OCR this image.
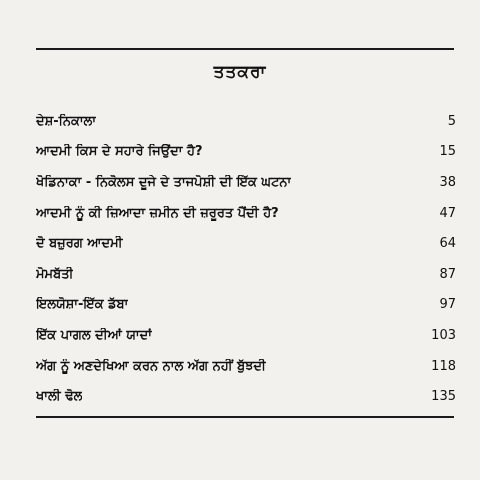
ਤਤਕਰਾ
ਦੇਸ਼-ਨਿਕਾਲਾ	5
ਆਦਮੀ ਕਿਸ ਦੇ ਸਹਾਰੇ ਜਿਉਂਦਾ ਹੈ?	15
ਖੋਡਿਨਾਕਾ - ਨਿਕੋਲਸ ਦੂਜੇ ਦੇ ਤਾਜਪੋਸ਼ੀ ਦੀ ਇੱਕ ਘਟਨਾ	38
ਆਦਮੀ ਨੂੰ ਕੀ ਜ਼ਿਆਦਾ ਜ਼ਮੀਨ ਦੀ ਜ਼ਰੂਰਤ ਪੈਂਦੀ ਹੈ?	47
ਦੋ ਬਜ਼ੁਰਗ ਆਦਮੀ	64
ਮੋਮਬੱਤੀ	87
ਇਲਯੋਸ਼ਾ-ਇੱਕ ਡੱਬਾ	97
ਇੱਕ ਪਾਗਲ ਦੀਆਂ ਯਾਦਾਂ	103
ਅੱਗ ਨੂੰ ਅਣਦੇਖਿਆ ਕਰਨ ਨਾਲ ਅੱਗ ਨਹੀਂ ਬੁੱਝਦੀ	118
ਖਾਲੀ ਢੋਲ	135
